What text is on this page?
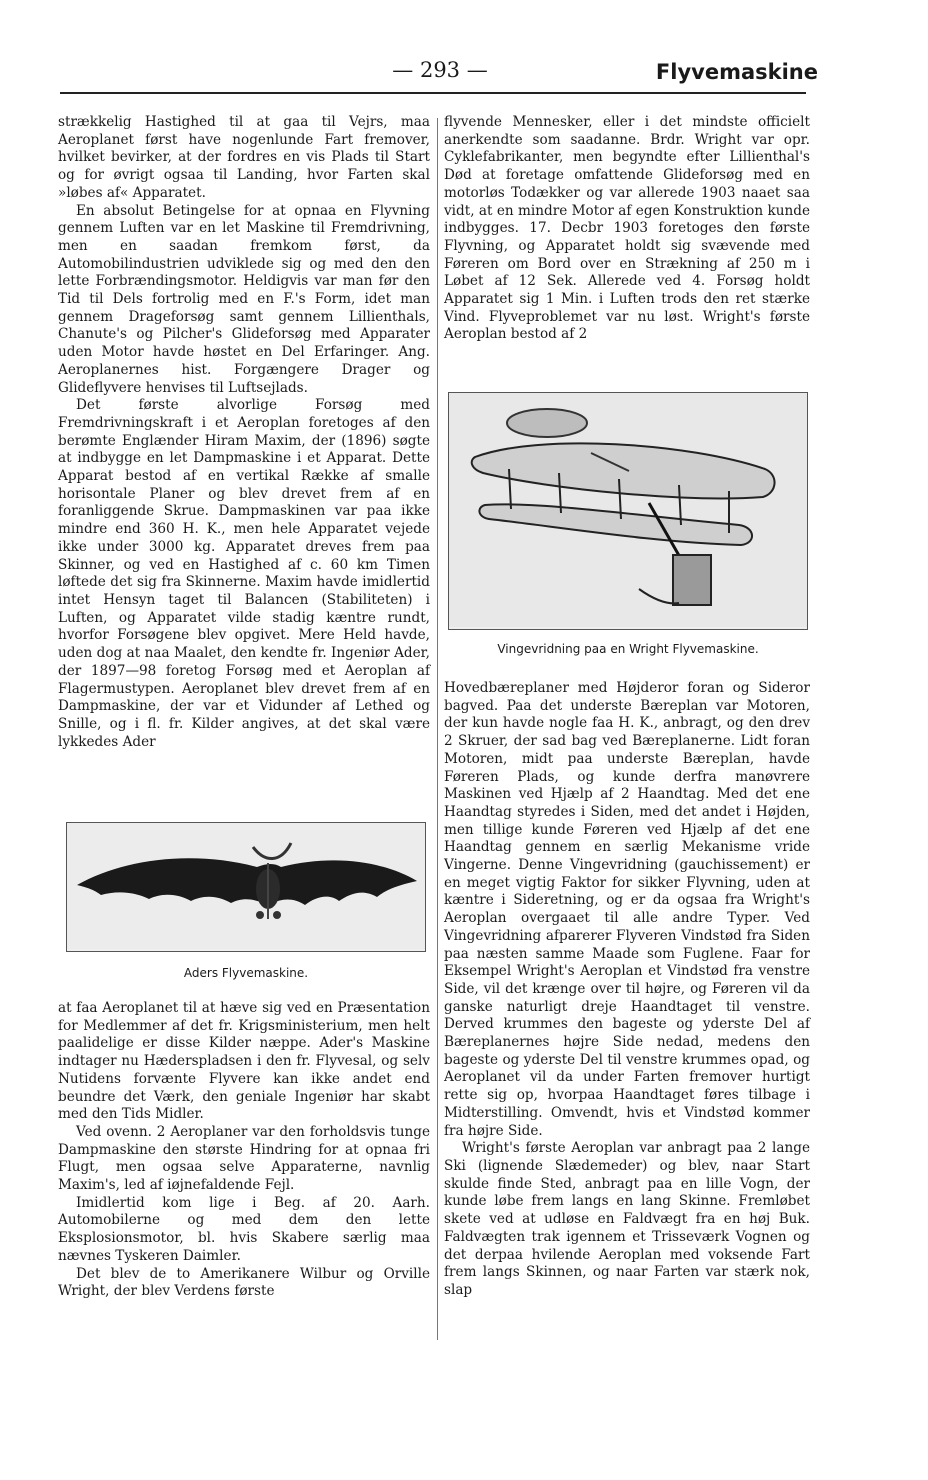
— 293 —	Flyvemaskine

strækkelig Hastighed til at gaa til Vejrs, maa Aeroplanet først have nogenlunde Fart fremover, hvilket bevirker, at der fordres en vis Plads til Start og for øvrigt ogsaa til Landing, hvor Farten skal »løbes af« Apparatet.

En absolut Betingelse for at opnaa en Flyvning gennem Luften var en let Maskine til Fremdrivning, men en saadan fremkom først, da Automobilindustrien udviklede sig og med den den lette Forbrændingsmotor. Heldigvis var man før den Tid til Dels fortrolig med en F.'s Form, idet man gennem Drageforsøg samt gennem Lillienthals, Chanute's og Pilcher's Glideforsøg med Apparater uden Motor havde høstet en Del Erfaringer. Ang. Aeroplanernes hist. Forgængere Drager og Glideflyvere henvises til Luftsejlads.

Det første alvorlige Forsøg med Fremdrivningskraft i et Aeroplan foretoges af den berømte Englænder Hiram Maxim, der (1896) søgte at indbygge en let Dampmaskine i et Apparat. Dette Apparat bestod af en vertikal Række af smalle horisontale Planer og blev drevet frem af en foranliggende Skrue. Dampmaskinen var paa ikke mindre end 360 H. K., men hele Apparatet vejede ikke under 3000 kg. Apparatet dreves frem paa Skinner, og ved en Hastighed af c. 60 km Timen løftede det sig fra Skinnerne. Maxim havde imidlertid intet Hensyn taget til Balancen (Stabiliteten) i Luften, og Apparatet vilde stadig kæntre rundt, hvorfor Forsøgene blev opgivet. Mere Held havde, uden dog at naa Maalet, den kendte fr. Ingeniør Ader, der 1897—98 foretog Forsøg med et Aeroplan af Flagermustypen. Aeroplanet blev drevet frem af en Dampmaskine, der var et Vidunder af Lethed og Snille, og i fl. fr. Kilder angives, at det skal være lykkedes Ader

Aders Flyvemaskine.

at faa Aeroplanet til at hæve sig ved en Præsentation for Medlemmer af det fr. Krigsministerium, men helt paalidelige er disse Kilder næppe. Ader's Maskine indtager nu Hæderspladsen i den fr. Flyvesal, og selv Nutidens forvænte Flyvere kan ikke andet end beundre det Værk, den geniale Ingeniør har skabt med den Tids Midler.

Ved ovenn. 2 Aeroplaner var den forholdsvis tunge Dampmaskine den største Hindring for at opnaa fri Flugt, men ogsaa selve Apparaterne, navnlig Maxim's, led af iøjnefaldende Fejl.

Imidlertid kom lige i Beg. af 20. Aarh. Automobilerne og med dem den lette Eksplosionsmotor, bl. hvis Skabere særlig maa nævnes Tyskeren Daimler.

Det blev de to Amerikanere Wilbur og Orville Wright, der blev Verdens første

flyvende Mennesker, eller i det mindste officielt anerkendte som saadanne. Brdr. Wright var opr. Cyklefabrikanter, men begyndte efter Lillienthal's Død at foretage omfattende Glideforsøg med en motorløs Todækker og var allerede 1903 naaet saa vidt, at en mindre Motor af egen Konstruktion kunde indbygges. 17. Decbr 1903 foretoges den første Flyvning, og Apparatet holdt sig svævende med Føreren om Bord over en Strækning af 250 m i Løbet af 12 Sek. Allerede ved 4. Forsøg holdt Apparatet sig 1 Min. i Luften trods den ret stærke Vind. Flyveproblemet var nu løst. Wright's første Aeroplan bestod af 2

Vingevridning paa en Wright Flyvemaskine.

Hovedbæreplaner med Højderor foran og Sideror bagved. Paa det underste Bæreplan var Motoren, der kun havde nogle faa H. K., anbragt, og den drev 2 Skruer, der sad bag ved Bæreplanerne. Lidt foran Motoren, midt paa underste Bæreplan, havde Føreren Plads, og kunde derfra manøvrere Maskinen ved Hjælp af 2 Haandtag. Med det ene Haandtag styredes i Siden, med det andet i Højden, men tillige kunde Føreren ved Hjælp af det ene Haandtag gennem en særlig Mekanisme vride Vingerne. Denne Vingevridning (gauchissement) er en meget vigtig Faktor for sikker Flyvning, uden at kæntre i Sideretning, og er da ogsaa fra Wright's Aeroplan overgaaet til alle andre Typer. Ved Vingevridning afparerer Flyveren Vindstød fra Siden paa næsten samme Maade som Fuglene. Faar for Eksempel Wright's Aeroplan et Vindstød fra venstre Side, vil det krænge over til højre, og Føreren vil da ganske naturligt dreje Haandtaget til venstre. Derved krummes den bageste og yderste Del af Bæreplanernes højre Side nedad, medens den bageste og yderste Del til venstre krummes opad, og Aeroplanet vil da under Farten fremover hurtigt rette sig op, hvorpaa Haandtaget føres tilbage i Midterstilling. Omvendt, hvis et Vindstød kommer fra højre Side.

Wright's første Aeroplan var anbragt paa 2 lange Ski (lignende Slædemeder) og blev, naar Start skulde finde Sted, anbragt paa en lille Vogn, der kunde løbe frem langs en lang Skinne. Fremløbet skete ved at udløse en Faldvægt fra en høj Buk. Faldvægten trak igennem et Trisseværk Vognen og det derpaa hvilende Aeroplan med voksende Fart frem langs Skinnen, og naar Farten var stærk nok, slap
